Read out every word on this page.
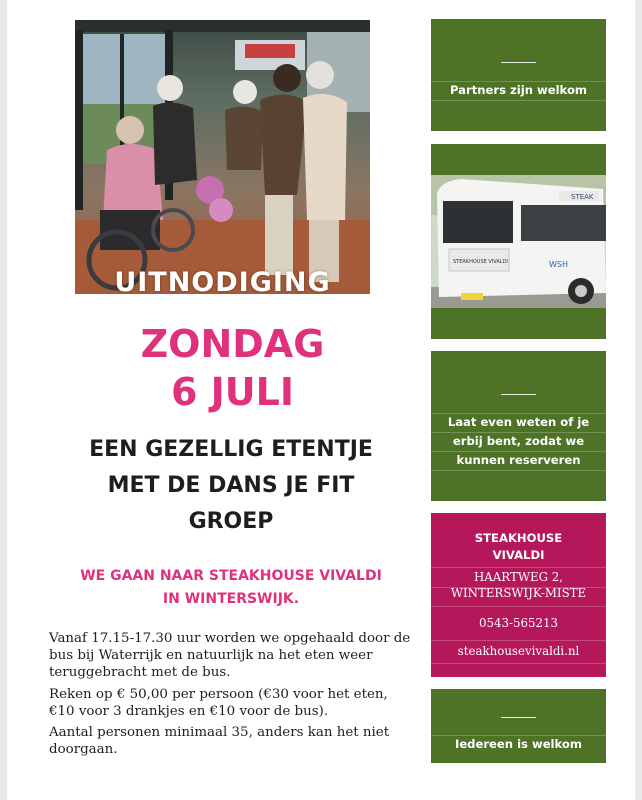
UITNODIGING
ZONDAG
6 JULI
EEN GEZELLIG ETENTJE
MET DE DANS JE FIT
GROEP
WE GAAN NAAR STEAKHOUSE VIVALDI
IN WINTERSWIJK.
Vanaf 17.15-17.30 uur worden we opgehaald door de bus bij Waterrijk en natuurlijk na het eten weer teruggebracht met de bus.
Reken op € 50,00 per persoon (€30 voor het eten, €10 voor 3 drankjes en €10 voor de bus).
Aantal personen minimaal 35, anders kan het niet doorgaan.
Partners zijn welkom
STEAK
STEAKHOUSE VIVALDI	WSH
Laat even weten of je
erbij bent, zodat we
kunnen reserveren
STEAKHOUSE
VIVALDI
HAARTWEG 2,
WINTERSWIJK-MISTE
0543-565213
steakhousevivaldi.nl
Iedereen is welkom
